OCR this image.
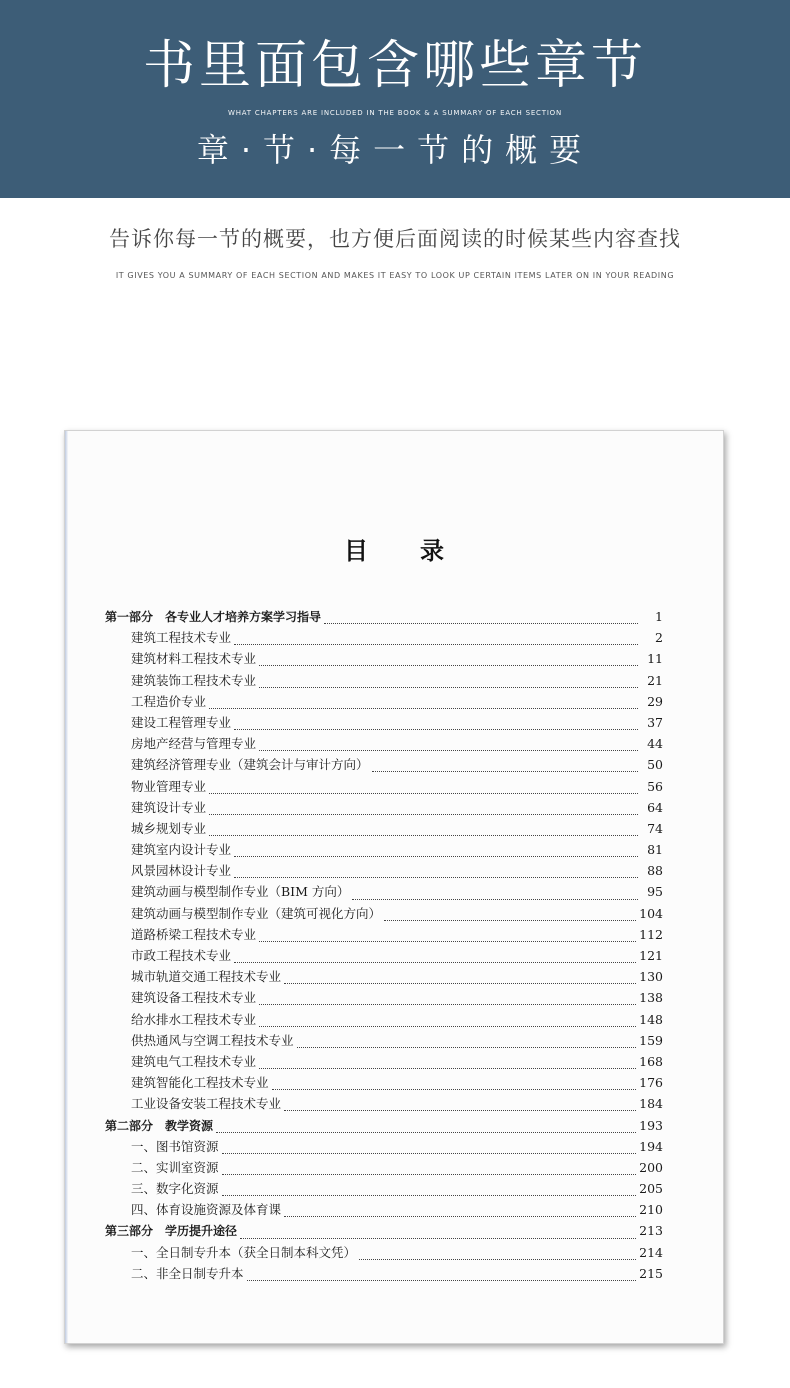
书里面包含哪些章节
WHAT CHAPTERS ARE INCLUDED IN THE BOOK & A SUMMARY OF EACH SECTION
章·节·每一节的概要
告诉你每一节的概要，也方便后面阅读的时候某些内容查找
IT GIVES YOU A SUMMARY OF EACH SECTION AND MAKES IT EASY TO LOOK UP CERTAIN ITEMS LATER ON IN YOUR READING
目录
第一部分　各专业人才培养方案学习指导	1
建筑工程技术专业	2
建筑材料工程技术专业	11
建筑装饰工程技术专业	21
工程造价专业	29
建设工程管理专业	37
房地产经营与管理专业	44
建筑经济管理专业（建筑会计与审计方向）	50
物业管理专业	56
建筑设计专业	64
城乡规划专业	74
建筑室内设计专业	81
风景园林设计专业	88
建筑动画与模型制作专业（BIM 方向）	95
建筑动画与模型制作专业（建筑可视化方向）	104
道路桥梁工程技术专业	112
市政工程技术专业	121
城市轨道交通工程技术专业	130
建筑设备工程技术专业	138
给水排水工程技术专业	148
供热通风与空调工程技术专业	159
建筑电气工程技术专业	168
建筑智能化工程技术专业	176
工业设备安装工程技术专业	184
第二部分　教学资源	193
一、图书馆资源	194
二、实训室资源	200
三、数字化资源	205
四、体育设施资源及体育课	210
第三部分　学历提升途径	213
一、全日制专升本（获全日制本科文凭）	214
二、非全日制专升本	215
